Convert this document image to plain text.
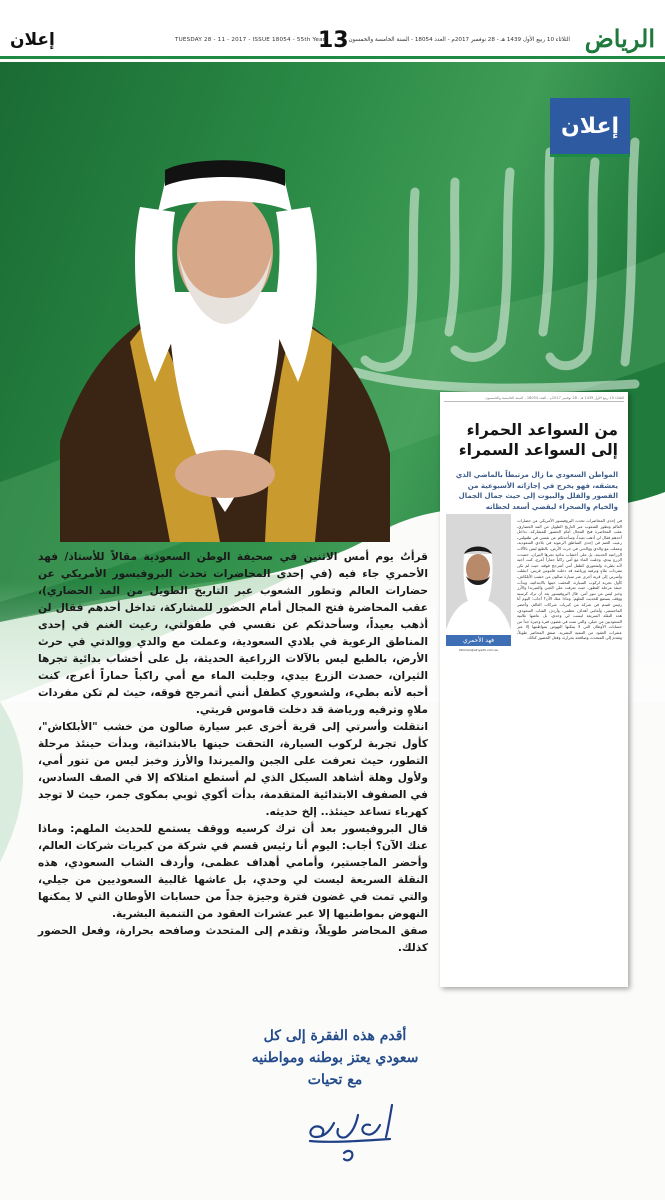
إعلان	TUESDAY 28 - 11 - 2017 - ISSUE 18054 - 55th Year
13 الثلاثاء 10 ربيع الأول 1439 هـ - 28 نوفمبر 2017م - العدد 18054 - السنة الخامسة والخمسون الرياض
إعلان
الثلاثاء 10 ربيع الأول 1439 هـ - 28 نوفمبر 2017م - العدد 18054 - السنة الخامسة والخمسون
من السواعد الحمراء
إلى السواعد السمراء
المواطن السعودي ما زال مرتبطاً بالماضي الذي يعشقه، فهو يخرج في إجازاته الأسبوعية من القصور والفلل والبيوت إلى حيث جمال الجمال والخيام والصحراء ليقضي أسعد لحظاته
في إحدى المحاضرات تحدث البروفيسور الأمريكي عن حضارات العالم وتطور الشعوب عبر التاريخ الطويل من المد الحضاري، عقب المحاضرة فتح المجال أمام الحضور للمشاركة، تداخل أحدهم فقال لن أذهب بعيداً، وسأحدثكم عن نفسي في طفولتي، رعيت الغنم في إحدى المناطق الرعوية في بلادي السعودية، وعملت مع والدي ووالدتي في حرث الأرض، بالطبع ليس بالآلات الزراعية الحديثة، بل على أخشاب بدائية تجرها الثيران، حصدت الزرع بيدي، وجلبت الماء مع أمي راكباً حماراً أعرج، كنت أحبه لأنه بطيء، ولشعوري كطفل أنني أتمرجح فوقه، حيث لم تكن مفردات ملاهٍ وترفيه ورياضة قد دخلت قاموس قريتي. انتقلت وأسرتي إلى قرية أخرى عبر سيارة صالون من خشب الأبلكاش، كأول تجربة لركوب السيارة، التحقت حينها بالابتدائية، وبدأت حينئذ مرحلة التطور، حيث تعرفت على الجبن والميرندا والأرز وخبز ليس من تنور أمي. قال البروفيسور بعد أن ترك كرسيه ووقف يستمع للحديث الملهم: وماذا عنك الآن؟ أجاب: اليوم أنا رئيس قسم في شركة من كبريات شركات العالم، وأحضر الماجستير، وأمامي أهداف عظمى، وأردف الشاب السعودي، هذه النقلة السريعة ليست لي وحدي، بل عاشها غالبية السعوديين من جيلي، والتي تمت في غضون فترة وجيزة جداً من حسابات الأوطان التي لا يمكنها النهوض بمواطنيها إلا عبر عشرات العقود من التنمية البشرية. صفق المحاضر طويلاً، وتقدم إلى المتحدث وصافحه بحرارة، وفعل الحضور كذلك.
فهد الأحمري
fahmari@alriyadh.com.sa

قرأتُ يوم أمس الاثنين في صحيفة الوطن السعودية مقالاً للأستاذ/ فهد الأحمري جاء فيه (في إحدى المحاضرات تحدث البروفيسور الأمريكي عن حضارات العالم وتطور الشعوب عبر التاريخ الطويل من المد الحضاري)، عقب المحاضرة فتح المجال أمام الحضور للمشاركة، تداخل أحدهم فقال لن أذهب بعيداً، وسأحدثكم عن نفسي في طفولتي، رعيت الغنم في إحدى المناطق الرعوية في بلادي السعودية، وعملت مع والدي ووالدتي في حرث الأرض، بالطبع ليس بالآلات الزراعية الحديثة، بل على أخشاب بدائية تجرها الثيران، حصدت الزرع بيدي، وجلبت الماء مع أمي راكباً حماراً أعرج، كنت أحبه لأنه بطيء، ولشعوري كطفل أنني أتمرجح فوقه، حيث لم تكن مفردات ملاهٍ وترفيه ورياضة قد دخلت قاموس قريتي.

انتقلت وأسرتي إلى قرية أخرى عبر سيارة صالون من خشب "الأبلكاش"، كأول تجربة لركوب السيارة، التحقت حينها بالابتدائية، وبدأت حينئذ مرحلة التطور، حيث تعرفت على الجبن والميرندا والأرز وخبز ليس من تنور أمي، ولأول وهلة أشاهد السيكل الذي لم أستطع امتلاكه إلا في الصف السادس، في الصفوف الابتدائية المتقدمة، بدأت أكوي ثوبي بمكوى جمر، حيث لا توجد كهرباء تساعد حينئذ.. إلخ حديثه.

قال البروفيسور بعد أن ترك كرسيه ووقف يستمع للحديث الملهم: وماذا عنك الآن؟ أجاب: اليوم أنا رئيس قسم في شركة من كبريات شركات العالم، وأحضر الماجستير، وأمامي أهداف عظمى، وأردف الشاب السعودي، هذه النقلة السريعة ليست لي وحدي، بل عاشها غالبية السعوديين من جيلي، والتي تمت في غضون فترة وجيزة جداً من حسابات الأوطان التي لا يمكنها النهوض بمواطنيها إلا عبر عشرات العقود من التنمية البشرية.

صفق المحاضر طويلاً، وتقدم إلى المتحدث وصافحه بحرارة، وفعل الحضور كذلك.

أقدم هذه الفقرة إلى كل

سعودي يعتز بوطنه ومواطنيه

مع تحيات
